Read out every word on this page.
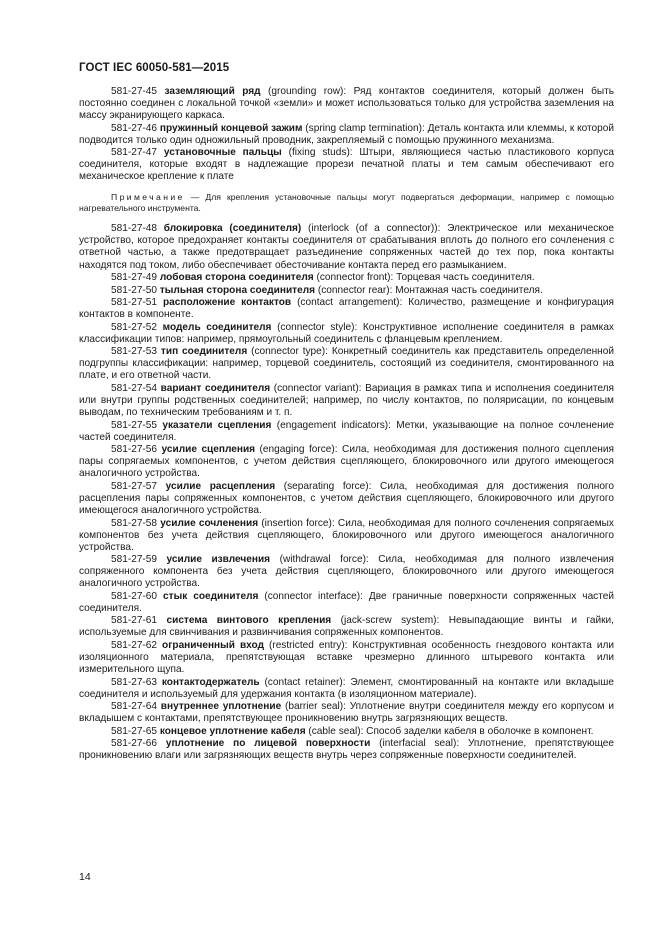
ГОСТ IEC 60050-581—2015

581-27-45 заземляющий ряд (grounding row): Ряд контактов соединителя, который должен быть постоянно соединен с локальной точкой «земли» и может использоваться только для устройства заземления на массу экранирующего каркаса.

581-27-46 пружинный концевой зажим (spring clamp termination): Деталь контакта или клеммы, к которой подводится только один одножильный проводник, закрепляемый с помощью пружинного механизма.

581-27-47 установочные пальцы (fixing studs): Штыри, являющиеся частью пластикового корпуса соединителя, которые входят в надлежащие прорези печатной платы и тем самым обеспечивают его механическое крепление к плате

Примечание — Для крепления установочные пальцы могут подвергаться деформации, например с помощью нагревательного инструмента.

581-27-48 блокировка (соединителя) (interlock (of a connector)): Электрическое или механическое устройство, которое предохраняет контакты соединителя от срабатывания вплоть до полного его сочленения с ответной частью, а также предотвращает разъединение сопряженных частей до тех пор, пока контакты находятся под током, либо обеспечивает обесточивание контакта перед его размыканием.

581-27-49 лобовая сторона соединителя (connector front): Торцевая часть соединителя.

581-27-50 тыльная сторона соединителя (connector rear): Монтажная часть соединителя.

581-27-51 расположение контактов (contact arrangement): Количество, размещение и конфигурация контактов в компоненте.

581-27-52 модель соединителя (connector style): Конструктивное исполнение соединителя в рамках классификации типов: например, прямоугольный соединитель с фланцевым креплением.

581-27-53 тип соединителя (connector type): Конкретный соединитель как представитель определенной подгруппы классификации: например, торцевой соединитель, состоящий из соединителя, смонтированного на плате, и его ответной части.

581-27-54 вариант соединителя (connector variant): Вариация в рамках типа и исполнения соединителя или внутри группы родственных соединителей; например, по числу контактов, по полярисации, по концевым выводам, по техническим требованиям и т. п.

581-27-55 указатели сцепления (engagement indicators): Метки, указывающие на полное сочленение частей соединителя.

581-27-56 усилие сцепления (engaging force): Сила, необходимая для достижения полного сцепления пары сопрягаемых компонентов, с учетом действия сцепляющего, блокировочного или другого имеющегося аналогичного устройства.

581-27-57 усилие расцепления (separating force): Сила, необходимая для достижения полного расцепления пары сопряженных компонентов, с учетом действия сцепляющего, блокировочного или другого имеющегося аналогичного устройства.

581-27-58 усилие сочленения (insertion force): Сила, необходимая для полного сочленения сопрягаемых компонентов без учета действия сцепляющего, блокировочного или другого имеющегося аналогичного устройства.

581-27-59 усилие извлечения (withdrawal force): Сила, необходимая для полного извлечения сопряженного компонента без учета действия сцепляющего, блокировочного или другого имеющегося аналогичного устройства.

581-27-60 стык соединителя (connector interface): Две граничные поверхности сопряженных частей соединителя.

581-27-61 система винтового крепления (jack-screw system): Невыпадающие винты и гайки, используемые для свинчивания и развинчивания сопряженных компонентов.

581-27-62 ограниченный вход (restricted entry): Конструктивная особенность гнездового контакта или изоляционного материала, препятствующая вставке чрезмерно длинного штыревого контакта или измерительного щупа.

581-27-63 контактодержатель (contact retainer): Элемент, смонтированный на контакте или вкладыше соединителя и используемый для удержания контакта (в изоляционном материале).

581-27-64 внутреннее уплотнение (barrier seal): Уплотнение внутри соединителя между его корпусом и вкладышем с контактами, препятствующее проникновению внутрь загрязняющих веществ.

581-27-65 концевое уплотнение кабеля (cable seal): Способ заделки кабеля в оболочке в компонент.

581-27-66 уплотнение по лицевой поверхности (interfacial seal): Уплотнение, препятствующее проникновению влаги или загрязняющих веществ внутрь через сопряженные поверхности соединителей.

14
